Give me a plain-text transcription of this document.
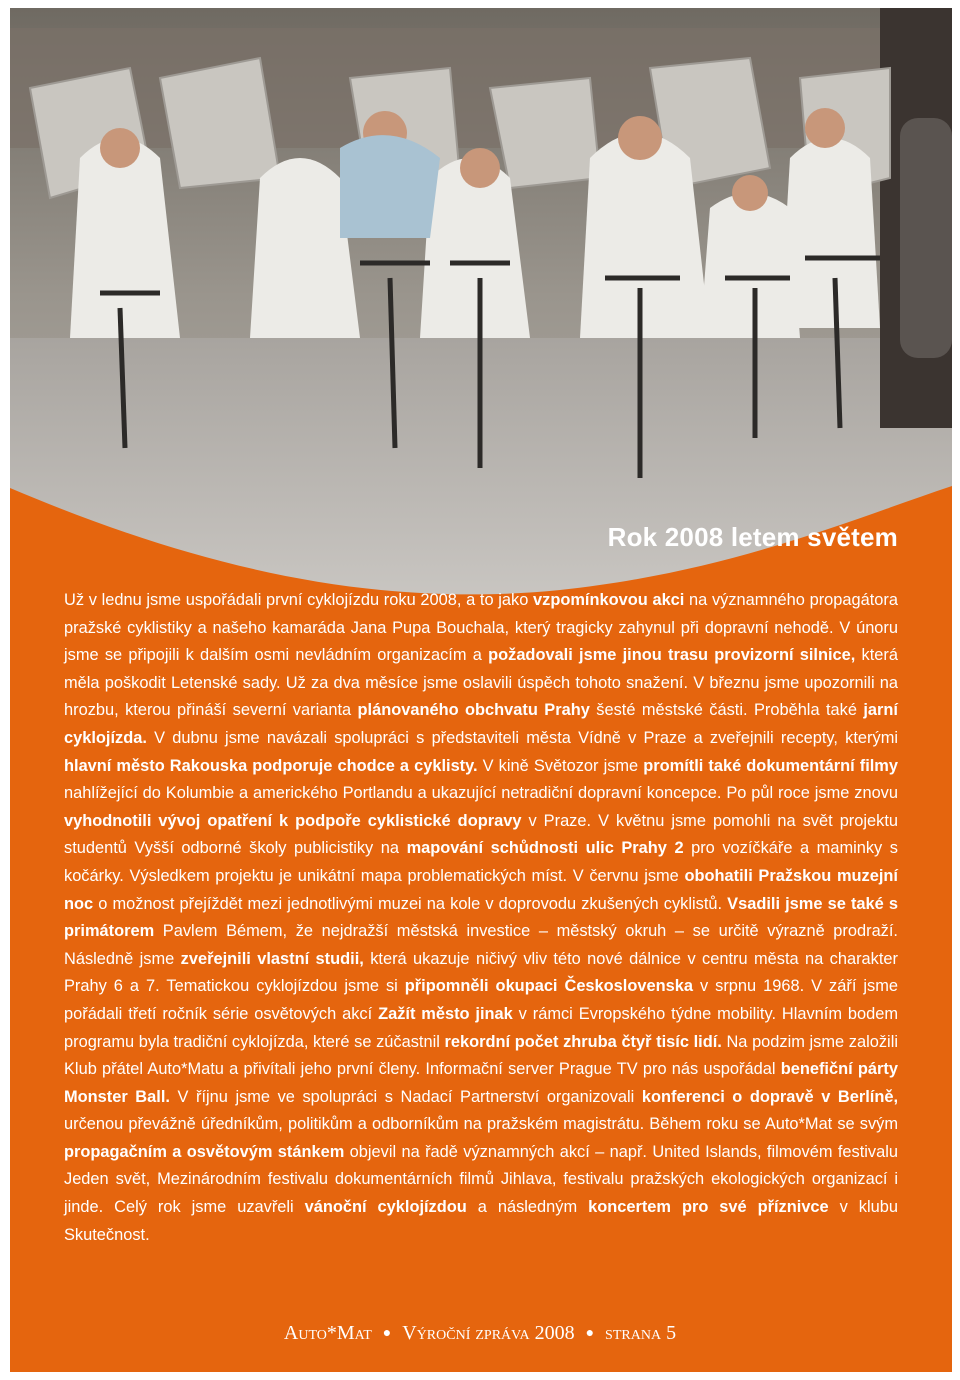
Rok 2008 letem světem

Už v lednu jsme uspořádali první cyklojízdu roku 2008, a to jako vzpomínkovou akci na významného propagátora pražské cyklistiky a našeho kamaráda Jana Pupa Bouchala, který tragicky zahynul při dopravní nehodě. V únoru jsme se připojili k dalším osmi nevládním organizacím a požadovali jsme jinou trasu provizorní silnice, která měla poškodit Letenské sady. Už za dva měsíce jsme oslavili úspěch tohoto snažení. V březnu jsme upozornili na hrozbu, kterou přináší severní varianta plánovaného obchvatu Prahy šesté městské části. Proběhla také jarní cyklojízda. V dubnu jsme navázali spolupráci s představiteli města Vídně v Praze a zveřejnili recepty, kterými hlavní město Rakouska podporuje chodce a cyklisty. V kině Světozor jsme promítli také dokumentární filmy nahlížející do Kolumbie a amerického Portlandu a ukazující netradiční dopravní koncepce. Po půl roce jsme znovu vyhodnotili vývoj opatření k podpoře cyklistické dopravy v Praze. V květnu jsme pomohli na svět projektu studentů Vyšší odborné školy publicistiky na mapování schůdnosti ulic Prahy 2 pro vozíčkáře a maminky s kočárky. Výsledkem projektu je unikátní mapa problematických míst. V červnu jsme obohatili Pražskou muzejní noc o možnost přejíždět mezi jednotlivými muzei na kole v doprovodu zkušených cyklistů. Vsadili jsme se také s primátorem Pavlem Bémem, že nejdražší městská investice – městský okruh – se určitě výrazně prodraží. Následně jsme zveřejnili vlastní studii, která ukazuje ničivý vliv této nové dálnice v centru města na charakter Prahy 6 a 7. Tematickou cyklojízdou jsme si připomněli okupaci Československa v srpnu 1968. V září jsme pořádali třetí ročník série osvětových akcí Zažít město jinak v rámci Evropského týdne mobility. Hlavním bodem programu byla tradiční cyklojízda, které se zúčastnil rekordní počet zhruba čtyř tisíc lidí. Na podzim jsme založili Klub přátel Auto*Matu a přivítali jeho první členy. Informační server Prague TV pro nás uspořádal benefiční párty Monster Ball. V říjnu jsme ve spolupráci s Nadací Partnerství organizovali konferenci o dopravě v Berlíně, určenou převážně úředníkům, politikům a odborníkům na pražském magistrátu. Během roku se Auto*Mat se svým propagačním a osvětovým stánkem objevil na řadě významných akcí – např. United Islands, filmovém festivalu Jeden svět, Mezinárodním festivalu dokumentárních filmů Jihlava, festivalu pražských ekologických organizací i jinde. Celý rok jsme uzavřeli vánoční cyklojízdou a následným koncertem pro své příznivce v klubu Skutečnost.

Auto*Mat ● Výroční zpráva 2008 ● strana 5
